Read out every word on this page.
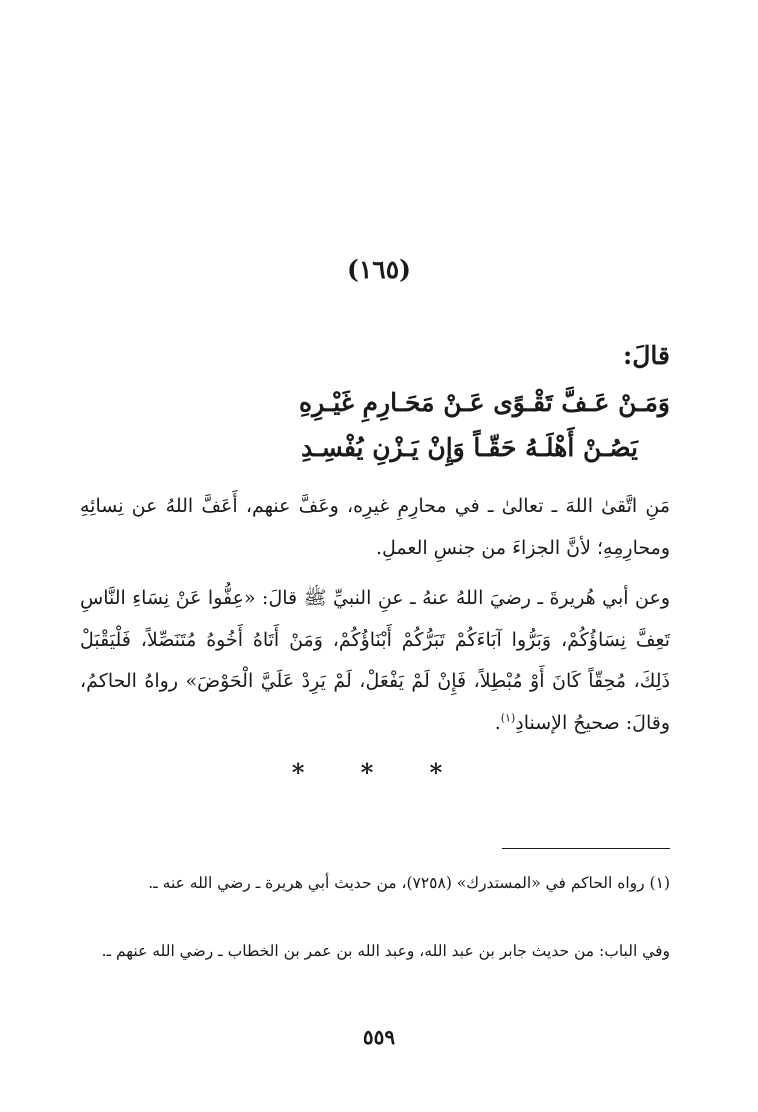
(١٦٥)
قالَ:
وَمَـنْ عَـفَّ تَقْـوًى عَـنْ مَحَـارِمِ غَيْـرِهِ
يَصُـنْ أَهْلَـهُ حَقّـاً وَإِنْ يَـزْنِ يُفْسِـدِ

مَنِ اتَّقىٰ اللهَ ـ تعالىٰ ـ في محارِمِ غيرِه، وعَفَّ عنهم، أَعَفَّ اللهُ عن نِسائِهِ ومحارِمِهِ؛ لأنَّ الجزاءَ من جنسِ العملِ.

وعن أبي هُريرةَ ـ رضيَ اللهُ عنهُ ـ عنِ النبيِّ ﷺ قالَ: «عِفُّوا عَنْ نِسَاءِ النَّاسِ تَعِفَّ نِسَاؤُكُمْ، وَبَرُّوا آبَاءَكُمْ تَبَرُّكُمْ أَبْنَاؤُكُمْ، وَمَنْ أَتَاهُ أَخُوهُ مُتَنَصِّلاً، فَلْيَقْبَلْ ذَلِكَ، مُحِقّاً كَانَ أَوْ مُبْطِلاً، فَإِنْ لَمْ يَفْعَلْ، لَمْ يَرِدْ عَلَيَّ الْحَوْضَ» رواهُ الحاكمُ، وقالَ: صحيحُ الإسنادِ$^{(١)}$.

* * *

(١) رواه الحاكم في «المستدرك» (٧٢٥٨)، من حديث أبي هريرة ـ رضي الله عنه ـ.

وفي الباب: من حديث جابر بن عبد الله، وعبد الله بن عمر بن الخطاب ـ رضي الله عنهم ـ.

٥٥٩
